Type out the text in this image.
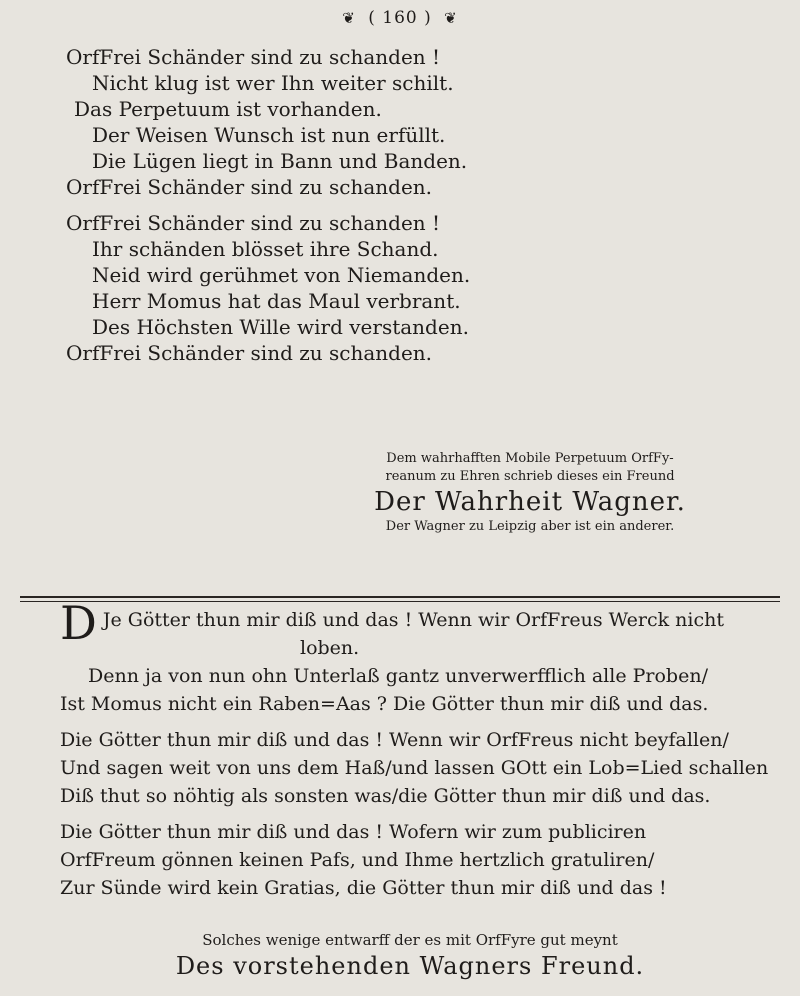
❦ ( 160 ) ❦
OrfFrei Schänder sind zu schanden !
Nicht klug ist wer Ihn weiter schilt.
Das Perpetuum ist vorhanden.
Der Weisen Wunsch ist nun erfüllt.
Die Lügen liegt in Bann und Banden.
OrfFrei Schänder sind zu schanden.
OrfFrei Schänder sind zu schanden !
Ihr schänden blösset ihre Schand.
Neid wird gerühmet von Niemanden.
Herr Momus hat das Maul verbrant.
Des Höchsten Wille wird verstanden.
OrfFrei Schänder sind zu schanden.
Dem wahrhafften Mobile Perpetuum OrfFy-
reanum zu Ehren schrieb dieses ein Freund
Der Wahrheit Wagner.
Der Wagner zu Leipzig aber ist ein anderer.
D Je Götter thun mir diß und das ! Wenn wir OrfFreus Werck nicht
loben.
Denn ja von nun ohn Unterlaß gantz unverwerfflich alle Proben/
Ist Momus nicht ein Raben=Aas ? Die Götter thun mir diß und das.
Die Götter thun mir diß und das ! Wenn wir OrfFreus nicht beyfallen/
Und sagen weit von uns dem Haß/und lassen GOtt ein Lob=Lied schallen
Diß thut so nöhtig als sonsten was/die Götter thun mir diß und das.
Die Götter thun mir diß und das ! Wofern wir zum publiciren
OrfFreum gönnen keinen Pafs, und Ihme hertzlich gratuliren/
Zur Sünde wird kein Gratias, die Götter thun mir diß und das !
Solches wenige entwarff der es mit OrfFyre gut meynt
Des vorstehenden Wagners Freund.
